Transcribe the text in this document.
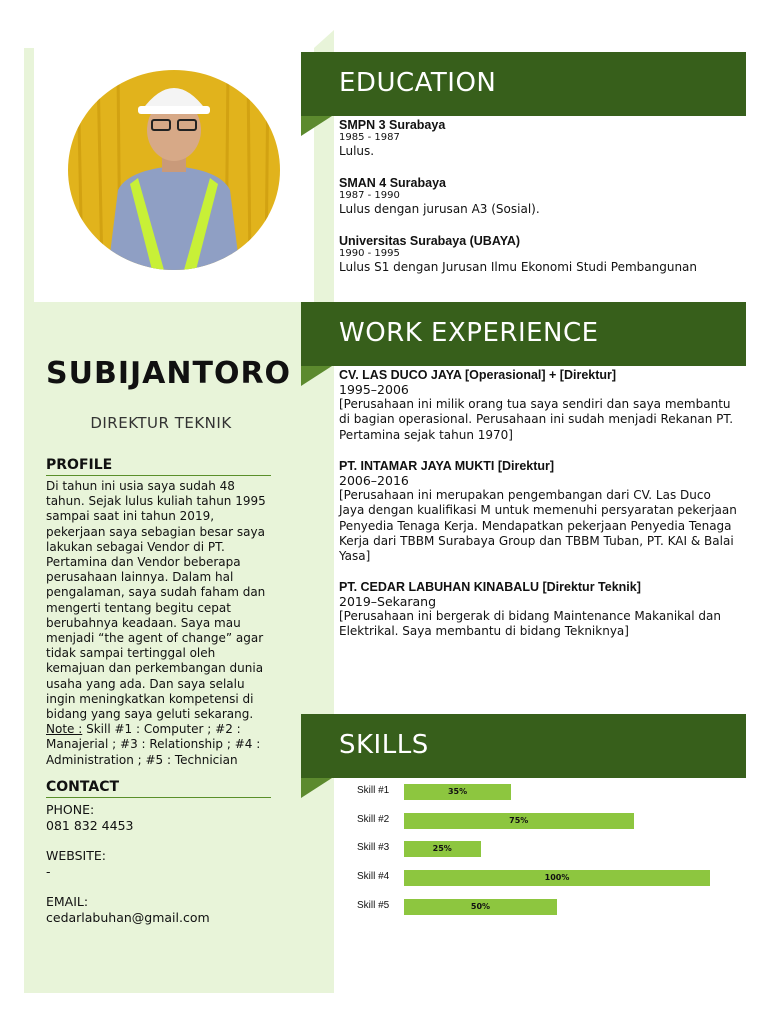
SUBIJANTORO
DIREKTUR TEKNIK
PROFILE
Di tahun ini usia saya sudah 48 tahun. Sejak lulus kuliah tahun 1995 sampai saat ini tahun 2019, pekerjaan saya sebagian besar saya lakukan sebagai Vendor di PT. Pertamina dan Vendor beberapa perusahaan lainnya. Dalam hal pengalaman, saya sudah faham dan mengerti tentang begitu cepat berubahnya keadaan. Saya mau menjadi “the agent of change” agar tidak sampai tertinggal oleh kemajuan dan perkembangan dunia usaha yang ada. Dan saya selalu ingin meningkatkan kompetensi di bidang yang saya geluti sekarang. Note : Skill #1 : Computer ; #2 : Manajerial ; #3 : Relationship ; #4 : Administration ; #5 : Technician
CONTACT
PHONE:
081 832 4453
WEBSITE:
-
EMAIL:
cedarlabuhan@gmail.com
EDUCATION
SMPN 3 Surabaya
1985 - 1987
Lulus.
SMAN 4 Surabaya
1987 - 1990
Lulus dengan jurusan A3 (Sosial).
Universitas Surabaya (UBAYA)
1990 - 1995
Lulus S1 dengan Jurusan Ilmu Ekonomi Studi Pembangunan
WORK EXPERIENCE
CV. LAS DUCO JAYA [Operasional] + [Direktur]
1995–2006
[Perusahaan ini milik orang tua saya sendiri dan saya membantu di bagian operasional. Perusahaan ini sudah menjadi Rekanan PT. Pertamina sejak tahun 1970]
PT. INTAMAR JAYA MUKTI [Direktur]
2006–2016
[Perusahaan ini merupakan pengembangan dari CV. Las Duco Jaya dengan kualifikasi M untuk memenuhi persyaratan pekerjaan Penyedia Tenaga Kerja. Mendapatkan pekerjaan Penyedia Tenaga Kerja dari TBBM Surabaya Group dan TBBM Tuban, PT. KAI & Balai Yasa]
PT. CEDAR LABUHAN KINABALU [Direktur Teknik]
2019–Sekarang
[Perusahaan ini bergerak di bidang Maintenance Makanikal dan Elektrikal. Saya membantu di bidang Tekniknya]
SKILLS
Skill #1	35%
Skill #2	75%
Skill #3	25%
Skill #4	100%
Skill #5	50%
